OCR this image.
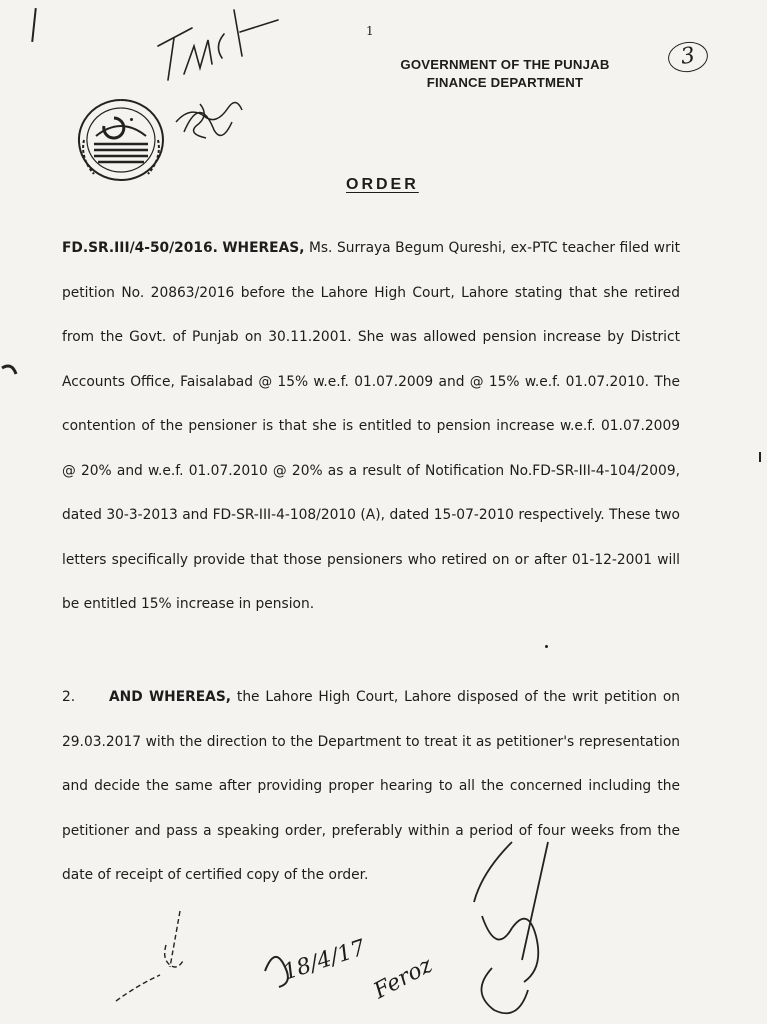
1
3
GOVERNMENT OF THE PUNJAB
FINANCE DEPARTMENT
ORDER
FD.SR.III/4-50/2016. WHEREAS, Ms. Surraya Begum Qureshi, ex-PTC teacher filed writ petition No. 20863/2016 before the Lahore High Court, Lahore stating that she retired from the Govt. of Punjab on 30.11.2001. She was allowed pension increase by District Accounts Office, Faisalabad @ 15% w.e.f. 01.07.2009 and @ 15% w.e.f. 01.07.2010. The contention of the pensioner is that she is entitled to pension increase w.e.f. 01.07.2009 @ 20% and w.e.f. 01.07.2010 @ 20% as a result of Notification No.FD-SR-III-4-104/2009, dated 30-3-2013 and FD-SR-III-4-108/2010 (A), dated 15-07-2010 respectively. These two letters specifically provide that those pensioners who retired on or after 01-12-2001 will be entitled 15% increase in pension.
2. AND WHEREAS, the Lahore High Court, Lahore disposed of the writ petition on 29.03.2017 with the direction to the Department to treat it as petitioner's representation and decide the same after providing proper hearing to all the concerned including the petitioner and pass a speaking order, preferably within a period of four weeks from the date of receipt of certified copy of the order.
18/4/17 Feroz
